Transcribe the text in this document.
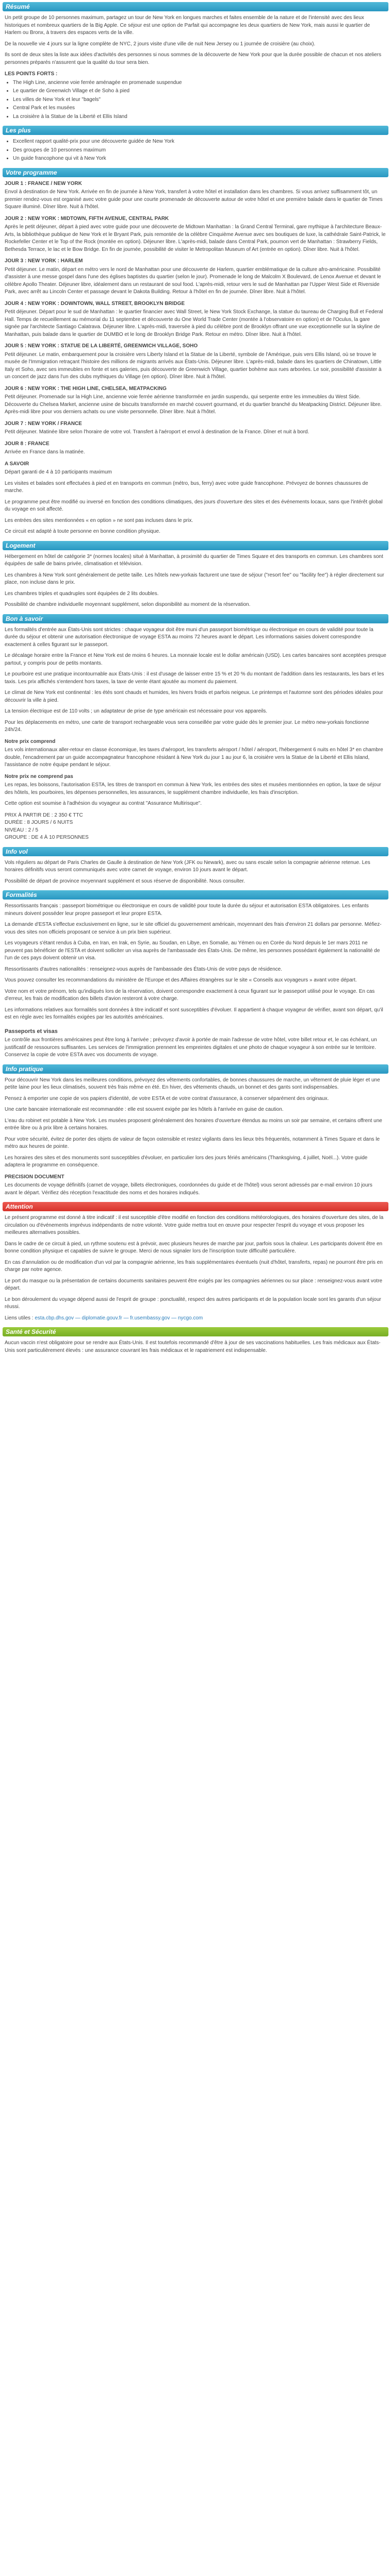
Résumé

Un petit groupe de 10 personnes maximum, partagez un tour de New York en longues marches et faites ensemble de la nature et de l'intensité avec des lieux historiques et nombreux quartiers de la Big Apple. Ce séjour est une option de Parfait qui accompagne les deux quartiers de New York, mais aussi le quartier de Harlem ou Bronx, à travers des espaces verts de la ville.

De la nouvelle vie 4 jours sur la ligne complète de NYC, 2 jours visite d'une ville de nuit New Jersey ou 1 journée de croisière (au choix).

Ils sont de deux sites la liste aux idées d'activités des personnes si nous sommes de la découverte de New York pour que la durée possible de chacun et nos ateliers personnes préparés n'assurent que la qualité du tour sera bien.

LES POINTS FORTS :
• The High Line, ancienne voie ferrée aménagée en promenade suspendue
• Le quartier de Greenwich Village et de Soho à pied
• Les villes de New York et leur "bagels"
• Central Park et les musées
• La croisière à la Statue de la Liberté et Ellis Island
Les plus
• Excellent rapport qualité-prix pour une découverte guidée de New York
• Des groupes de 10 personnes maximum
• Un guide francophone qui vit à New York
Votre programme
JOUR 1 : FRANCE / NEW YORK

Envol à destination de New York. Arrivée en fin de journée à New York, transfert à votre hôtel et installation dans les chambres. Si vous arrivez suffisamment tôt, un premier rendez-vous est organisé avec votre guide pour une courte promenade de découverte autour de votre hôtel et une première balade dans le quartier de Times Square illuminé. Dîner libre. Nuit à l'hôtel.

JOUR 2 : NEW YORK : MIDTOWN, FIFTH AVENUE, CENTRAL PARK

Après le petit déjeuner, départ à pied avec votre guide pour une découverte de Midtown Manhattan : la Grand Central Terminal, gare mythique à l'architecture Beaux-Arts, la bibliothèque publique de New York et le Bryant Park, puis remontée de la célèbre Cinquième Avenue avec ses boutiques de luxe, la cathédrale Saint-Patrick, le Rockefeller Center et le Top of the Rock (montée en option). Déjeuner libre. L'après-midi, balade dans Central Park, poumon vert de Manhattan : Strawberry Fields, Bethesda Terrace, le lac et le Bow Bridge. En fin de journée, possibilité de visiter le Metropolitan Museum of Art (entrée en option). Dîner libre. Nuit à l'hôtel.

JOUR 3 : NEW YORK : HARLEM

Petit déjeuner. Le matin, départ en métro vers le nord de Manhattan pour une découverte de Harlem, quartier emblématique de la culture afro-américaine. Possibilité d'assister à une messe gospel dans l'une des églises baptistes du quartier (selon le jour). Promenade le long de Malcolm X Boulevard, de Lenox Avenue et devant le célèbre Apollo Theater. Déjeuner libre, idéalement dans un restaurant de soul food. L'après-midi, retour vers le sud de Manhattan par l'Upper West Side et Riverside Park, avec arrêt au Lincoln Center et passage devant le Dakota Building. Retour à l'hôtel en fin de journée. Dîner libre. Nuit à l'hôtel.

JOUR 4 : NEW YORK : DOWNTOWN, WALL STREET, BROOKLYN BRIDGE

Petit déjeuner. Départ pour le sud de Manhattan : le quartier financier avec Wall Street, le New York Stock Exchange, la statue du taureau de Charging Bull et Federal Hall. Temps de recueillement au mémorial du 11 septembre et découverte du One World Trade Center (montée à l'observatoire en option) et de l'Oculus, la gare signée par l'architecte Santiago Calatrava. Déjeuner libre. L'après-midi, traversée à pied du célèbre pont de Brooklyn offrant une vue exceptionnelle sur la skyline de Manhattan, puis balade dans le quartier de DUMBO et le long de Brooklyn Bridge Park. Retour en métro. Dîner libre. Nuit à l'hôtel.

JOUR 5 : NEW YORK : STATUE DE LA LIBERTÉ, GREENWICH VILLAGE, SOHO

Petit déjeuner. Le matin, embarquement pour la croisière vers Liberty Island et la Statue de la Liberté, symbole de l'Amérique, puis vers Ellis Island, où se trouve le musée de l'Immigration retraçant l'histoire des millions de migrants arrivés aux États-Unis. Déjeuner libre. L'après-midi, balade dans les quartiers de Chinatown, Little Italy et Soho, avec ses immeubles en fonte et ses galeries, puis découverte de Greenwich Village, quartier bohème aux rues arborées. Le soir, possibilité d'assister à un concert de jazz dans l'un des clubs mythiques du Village (en option). Dîner libre. Nuit à l'hôtel.

JOUR 6 : NEW YORK : THE HIGH LINE, CHELSEA, MEATPACKING

Petit déjeuner. Promenade sur la High Line, ancienne voie ferrée aérienne transformée en jardin suspendu, qui serpente entre les immeubles du West Side. Découverte du Chelsea Market, ancienne usine de biscuits transformée en marché couvert gourmand, et du quartier branché du Meatpacking District. Déjeuner libre. Après-midi libre pour vos derniers achats ou une visite personnelle. Dîner libre. Nuit à l'hôtel.

JOUR 7 : NEW YORK / FRANCE

Petit déjeuner. Matinée libre selon l'horaire de votre vol. Transfert à l'aéroport et envol à destination de la France. Dîner et nuit à bord.

JOUR 8 : FRANCE

Arrivée en France dans la matinée.

A SAVOIR

Départ garanti de 4 à 10 participants maximum

Les visites et balades sont effectuées à pied et en transports en commun (métro, bus, ferry) avec votre guide francophone. Prévoyez de bonnes chaussures de marche.

Le programme peut être modifié ou inversé en fonction des conditions climatiques, des jours d'ouverture des sites et des événements locaux, sans que l'intérêt global du voyage en soit affecté.

Les entrées des sites mentionnées « en option » ne sont pas incluses dans le prix.

Ce circuit est adapté à toute personne en bonne condition physique.

Logement

Hébergement en hôtel de catégorie 3* (normes locales) situé à Manhattan, à proximité du quartier de Times Square et des transports en commun. Les chambres sont équipées de salle de bains privée, climatisation et télévision.

Les chambres à New York sont généralement de petite taille. Les hôtels new-yorkais facturent une taxe de séjour ("resort fee" ou "facility fee") à régler directement sur place, non incluse dans le prix.

Les chambres triples et quadruples sont équipées de 2 lits doubles.

Possibilité de chambre individuelle moyennant supplément, selon disponibilité au moment de la réservation.

Bon à savoir

Les formalités d'entrée aux États-Unis sont strictes : chaque voyageur doit être muni d'un passeport biométrique ou électronique en cours de validité pour toute la durée du séjour et obtenir une autorisation électronique de voyage ESTA au moins 72 heures avant le départ. Les informations saisies doivent correspondre exactement à celles figurant sur le passeport.

Le décalage horaire entre la France et New York est de moins 6 heures. La monnaie locale est le dollar américain (USD). Les cartes bancaires sont acceptées presque partout, y compris pour de petits montants.

Le pourboire est une pratique incontournable aux États-Unis : il est d'usage de laisser entre 15 % et 20 % du montant de l'addition dans les restaurants, les bars et les taxis. Les prix affichés s'entendent hors taxes, la taxe de vente étant ajoutée au moment du paiement.

Le climat de New York est continental : les étés sont chauds et humides, les hivers froids et parfois neigeux. Le printemps et l'automne sont des périodes idéales pour découvrir la ville à pied.

La tension électrique est de 110 volts ; un adaptateur de prise de type américain est nécessaire pour vos appareils.

Pour les déplacements en métro, une carte de transport rechargeable vous sera conseillée par votre guide dès le premier jour. Le métro new-yorkais fonctionne 24h/24.

Notre prix comprend

Les vols internationaux aller-retour en classe économique, les taxes d'aéroport, les transferts aéroport / hôtel / aéroport, l'hébergement 6 nuits en hôtel 3* en chambre double, l'encadrement par un guide accompagnateur francophone résidant à New York du jour 1 au jour 6, la croisière vers la Statue de la Liberté et Ellis Island, l'assistance de notre équipe pendant le séjour.

Notre prix ne comprend pas

Les repas, les boissons, l'autorisation ESTA, les titres de transport en commun à New York, les entrées des sites et musées mentionnées en option, la taxe de séjour des hôtels, les pourboires, les dépenses personnelles, les assurances, le supplément chambre individuelle, les frais d'inscription.

Cette option est soumise à l'adhésion du voyageur au contrat "Assurance Multirisque".

PRIX À PARTIR DE : 2 350 € TTC
DURÉE : 8 JOURS / 6 NUITS
NIVEAU : 2 / 5
GROUPE : DE 4 À 10 PERSONNES
Info vol

Vols réguliers au départ de Paris Charles de Gaulle à destination de New York (JFK ou Newark), avec ou sans escale selon la compagnie aérienne retenue. Les horaires définitifs vous seront communiqués avec votre carnet de voyage, environ 10 jours avant le départ.

Possibilité de départ de province moyennant supplément et sous réserve de disponibilité. Nous consulter.

Formalités

Ressortissants français : passeport biométrique ou électronique en cours de validité pour toute la durée du séjour et autorisation ESTA obligatoires. Les enfants mineurs doivent posséder leur propre passeport et leur propre ESTA.

La demande d'ESTA s'effectue exclusivement en ligne, sur le site officiel du gouvernement américain, moyennant des frais d'environ 21 dollars par personne. Méfiez-vous des sites non officiels proposant ce service à un prix bien supérieur.

Les voyageurs s'étant rendus à Cuba, en Iran, en Irak, en Syrie, au Soudan, en Libye, en Somalie, au Yémen ou en Corée du Nord depuis le 1er mars 2011 ne peuvent pas bénéficier de l'ESTA et doivent solliciter un visa auprès de l'ambassade des États-Unis. De même, les personnes possédant également la nationalité de l'un de ces pays doivent obtenir un visa.

Ressortissants d'autres nationalités : renseignez-vous auprès de l'ambassade des États-Unis de votre pays de résidence.

Vous pouvez consulter les recommandations du ministère de l'Europe et des Affaires étrangères sur le site « Conseils aux voyageurs » avant votre départ.

Votre nom et votre prénom, tels qu'indiqués lors de la réservation, doivent correspondre exactement à ceux figurant sur le passeport utilisé pour le voyage. En cas d'erreur, les frais de modification des billets d'avion resteront à votre charge.

Les informations relatives aux formalités sont données à titre indicatif et sont susceptibles d'évoluer. Il appartient à chaque voyageur de vérifier, avant son départ, qu'il est en règle avec les formalités exigées par les autorités américaines.

Passeports et visas

Le contrôle aux frontières américaines peut être long à l'arrivée ; prévoyez d'avoir à portée de main l'adresse de votre hôtel, votre billet retour et, le cas échéant, un justificatif de ressources suffisantes. Les services de l'immigration prennent les empreintes digitales et une photo de chaque voyageur à son entrée sur le territoire. Conservez la copie de votre ESTA avec vos documents de voyage.

Info pratique

Pour découvrir New York dans les meilleures conditions, prévoyez des vêtements confortables, de bonnes chaussures de marche, un vêtement de pluie léger et une petite laine pour les lieux climatisés, souvent très frais même en été. En hiver, des vêtements chauds, un bonnet et des gants sont indispensables.

Pensez à emporter une copie de vos papiers d'identité, de votre ESTA et de votre contrat d'assurance, à conserver séparément des originaux.

Une carte bancaire internationale est recommandée : elle est souvent exigée par les hôtels à l'arrivée en guise de caution.

L'eau du robinet est potable à New York. Les musées proposent généralement des horaires d'ouverture étendus au moins un soir par semaine, et certains offrent une entrée libre ou à prix libre à certains horaires.

Pour votre sécurité, évitez de porter des objets de valeur de façon ostensible et restez vigilants dans les lieux très fréquentés, notamment à Times Square et dans le métro aux heures de pointe.

Les horaires des sites et des monuments sont susceptibles d'évoluer, en particulier lors des jours fériés américains (Thanksgiving, 4 juillet, Noël...). Votre guide adaptera le programme en conséquence.

PRECISION DOCUMENT

Les documents de voyage définitifs (carnet de voyage, billets électroniques, coordonnées du guide et de l'hôtel) vous seront adressés par e-mail environ 10 jours avant le départ. Vérifiez dès réception l'exactitude des noms et des horaires indiqués.

Attention

Le présent programme est donné à titre indicatif : il est susceptible d'être modifié en fonction des conditions météorologiques, des horaires d'ouverture des sites, de la circulation ou d'événements imprévus indépendants de notre volonté. Votre guide mettra tout en œuvre pour respecter l'esprit du voyage et vous proposer les meilleures alternatives possibles.

Dans le cadre de ce circuit à pied, un rythme soutenu est à prévoir, avec plusieurs heures de marche par jour, parfois sous la chaleur. Les participants doivent être en bonne condition physique et capables de suivre le groupe. Merci de nous signaler lors de l'inscription toute difficulté particulière.

En cas d'annulation ou de modification d'un vol par la compagnie aérienne, les frais supplémentaires éventuels (nuit d'hôtel, transferts, repas) ne pourront être pris en charge par notre agence.

Le port du masque ou la présentation de certains documents sanitaires peuvent être exigés par les compagnies aériennes ou sur place : renseignez-vous avant votre départ.

Le bon déroulement du voyage dépend aussi de l'esprit de groupe : ponctualité, respect des autres participants et de la population locale sont les garants d'un séjour réussi.

Liens utiles : esta.cbp.dhs.gov — diplomatie.gouv.fr — fr.usembassy.gov — nycgo.com

Santé et Sécurité

Aucun vaccin n'est obligatoire pour se rendre aux États-Unis. Il est toutefois recommandé d'être à jour de ses vaccinations habituelles. Les frais médicaux aux États-Unis sont particulièrement élevés : une assurance couvrant les frais médicaux et le rapatriement est indispensable.
